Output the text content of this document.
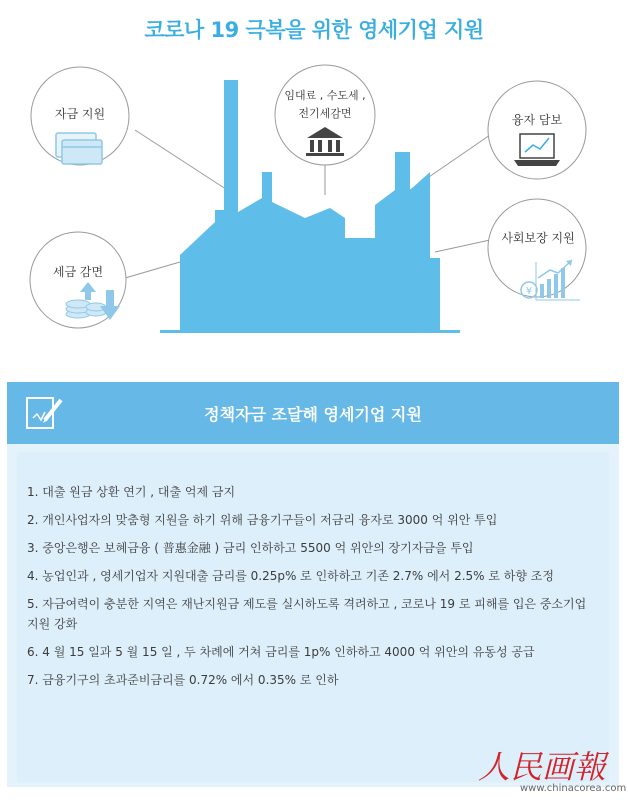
코로나 19 극복을 위한 영세기업 지원
¥
자금 지원
임대료 , 수도세 ,
전기세감면	융자 담보
세금 감면
사회보장 지원
정책자금 조달해 영세기업 지원
1. 대출 원금 상환 연기 , 대출 억제 금지
2. 개인사업자의 맞춤형 지원을 하기 위해 금융기구들이 저금리 융자로 3000 억 위안 투입
3. 중앙은행은 보혜금융 ( 普惠金融 ) 금리 인하하고 5500 억 위안의 장기자금을 투입
4. 농업인과 , 영세기업자 지원대출 금리를 0.25p% 로 인하하고 기존 2.7% 에서 2.5% 로 하향 조정
5. 자금여력이 충분한 지역은 재난지원금 제도를 실시하도록 격려하고 , 코로나 19 로 피해를 입은 중소기업 지원 강화
6. 4 월 15 일과 5 월 15 일 , 두 차례에 거쳐 금리를 1p% 인하하고 4000 억 위안의 유동성 공급
7. 금융기구의 초과준비금리를 0.72% 에서 0.35% 로 인하
人民画報
www.chinacorea.com
